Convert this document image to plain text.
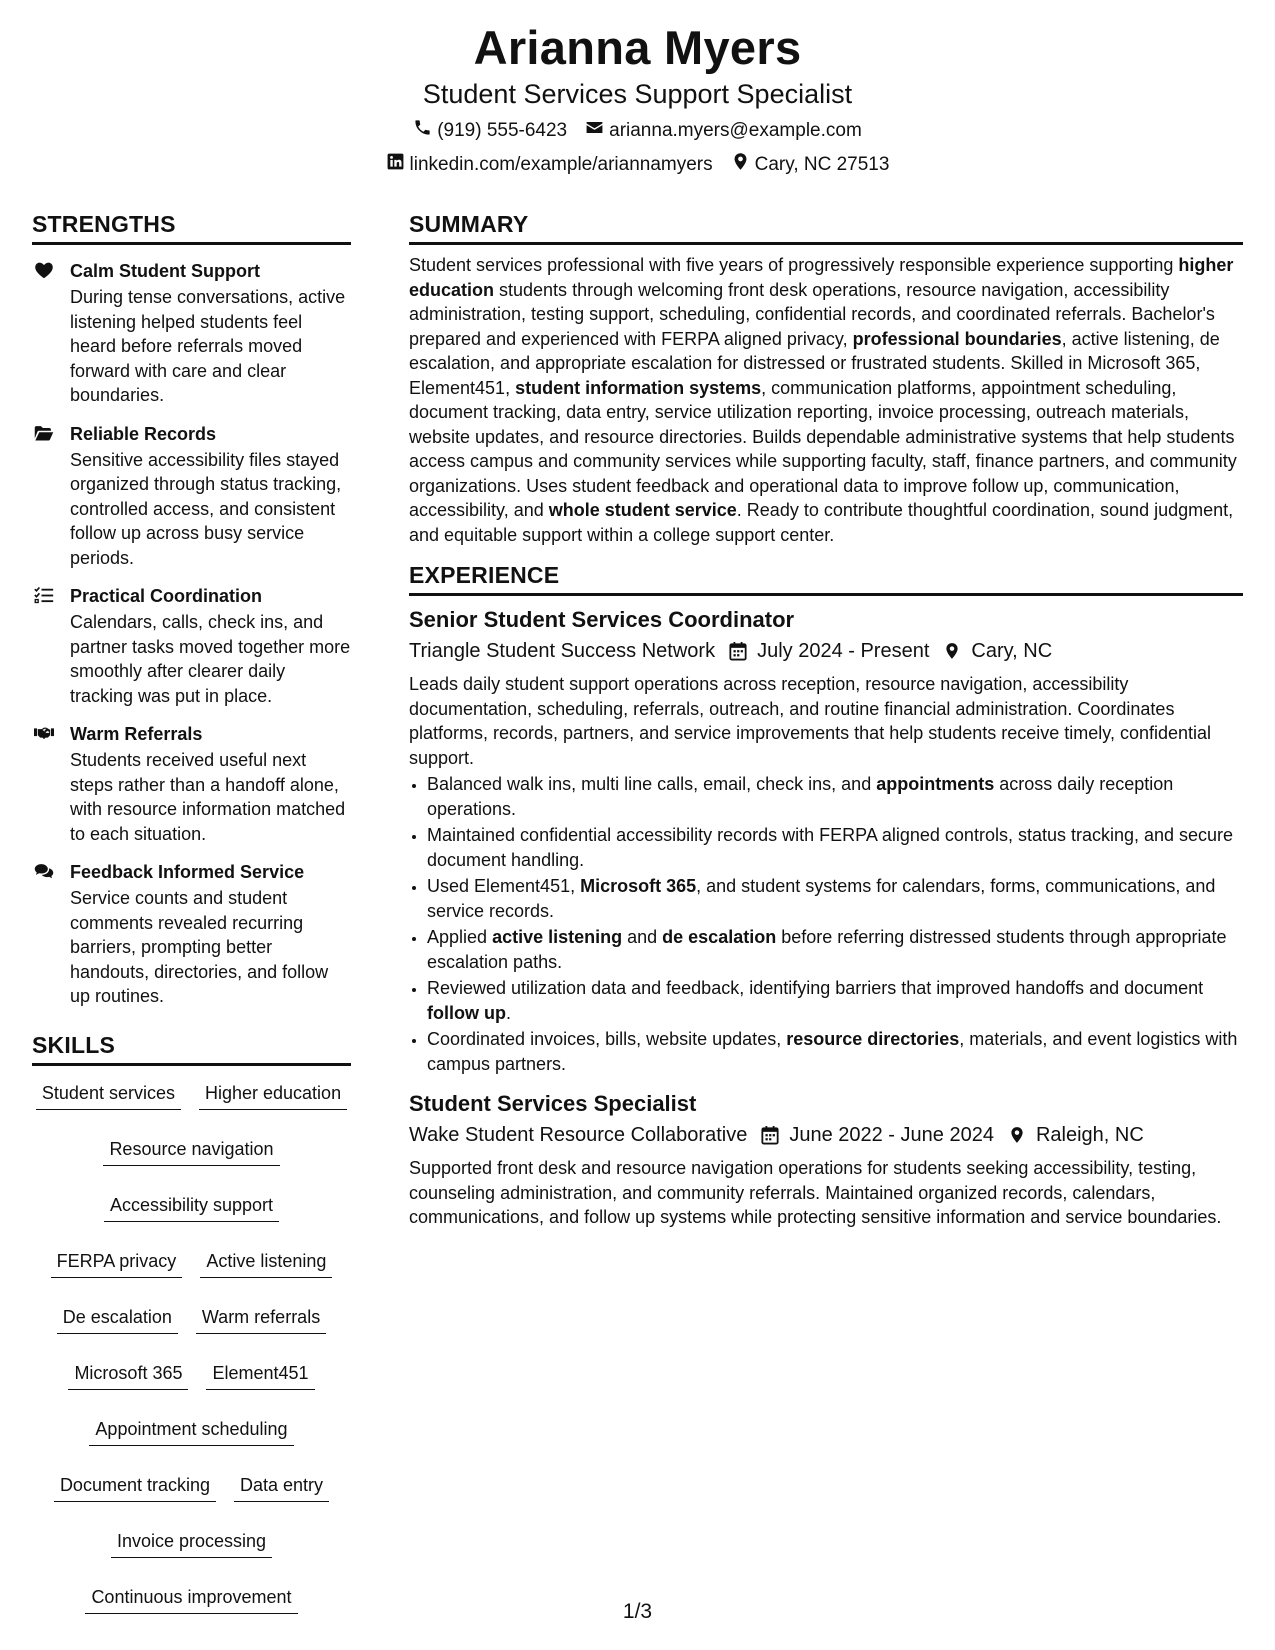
Arianna Myers
Student Services Support Specialist
(919) 555-6423 arianna.myers@example.com
linkedin.com/example/ariannamyers Cary, NC 27513
STRENGTHS
Calm Student Support
During tense conversations, active listening helped students feel heard before referrals moved forward with care and clear boundaries.
Reliable Records
Sensitive accessibility files stayed organized through status tracking, controlled access, and consistent follow up across busy service periods.
Practical Coordination
Calendars, calls, check ins, and partner tasks moved together more smoothly after clearer daily tracking was put in place.
Warm Referrals
Students received useful next steps rather than a handoff alone, with resource information matched to each situation.
Feedback Informed Service
Service counts and student comments revealed recurring barriers, prompting better handouts, directories, and follow up routines.
SKILLS
Student services	Higher education
Resource navigation
Accessibility support
FERPA privacy	Active listening
De escalation	Warm referrals
Microsoft 365	Element451
Appointment scheduling
Document tracking	Data entry
Invoice processing
Continuous improvement
SUMMARY

Student services professional with five years of progressively responsible experience supporting higher education students through welcoming front desk operations, resource navigation, accessibility administration, testing support, scheduling, confidential records, and coordinated referrals. Bachelor's prepared and experienced with FERPA aligned privacy, professional boundaries, active listening, de escalation, and appropriate escalation for distressed or frustrated students. Skilled in Microsoft 365, Element451, student information systems, communication platforms, appointment scheduling, document tracking, data entry, service utilization reporting, invoice processing, outreach materials, website updates, and resource directories. Builds dependable administrative systems that help students access campus and community services while supporting faculty, staff, finance partners, and community organizations. Uses student feedback and operational data to improve follow up, communication, accessibility, and whole student service. Ready to contribute thoughtful coordination, sound judgment, and equitable support within a college support center.

EXPERIENCE
Senior Student Services Coordinator
Triangle Student Success Network July 2024 - Present Cary, NC

Leads daily student support operations across reception, resource navigation, accessibility documentation, scheduling, referrals, outreach, and routine financial administration. Coordinates platforms, records, partners, and service improvements that help students receive timely, confidential support.

• Balanced walk ins, multi line calls, email, check ins, and appointments across daily reception operations.
• Maintained confidential accessibility records with FERPA aligned controls, status tracking, and secure document handling.
• Used Element451, Microsoft 365, and student systems for calendars, forms, communications, and service records.
• Applied active listening and de escalation before referring distressed students through appropriate escalation paths.
• Reviewed utilization data and feedback, identifying barriers that improved handoffs and document follow up.
• Coordinated invoices, bills, website updates, resource directories, materials, and event logistics with campus partners.
Student Services Specialist
Wake Student Resource Collaborative June 2022 - June 2024 Raleigh, NC

Supported front desk and resource navigation operations for students seeking accessibility, testing, counseling administration, and community referrals. Maintained organized records, calendars, communications, and follow up systems while protecting sensitive information and service boundaries.

1/3
